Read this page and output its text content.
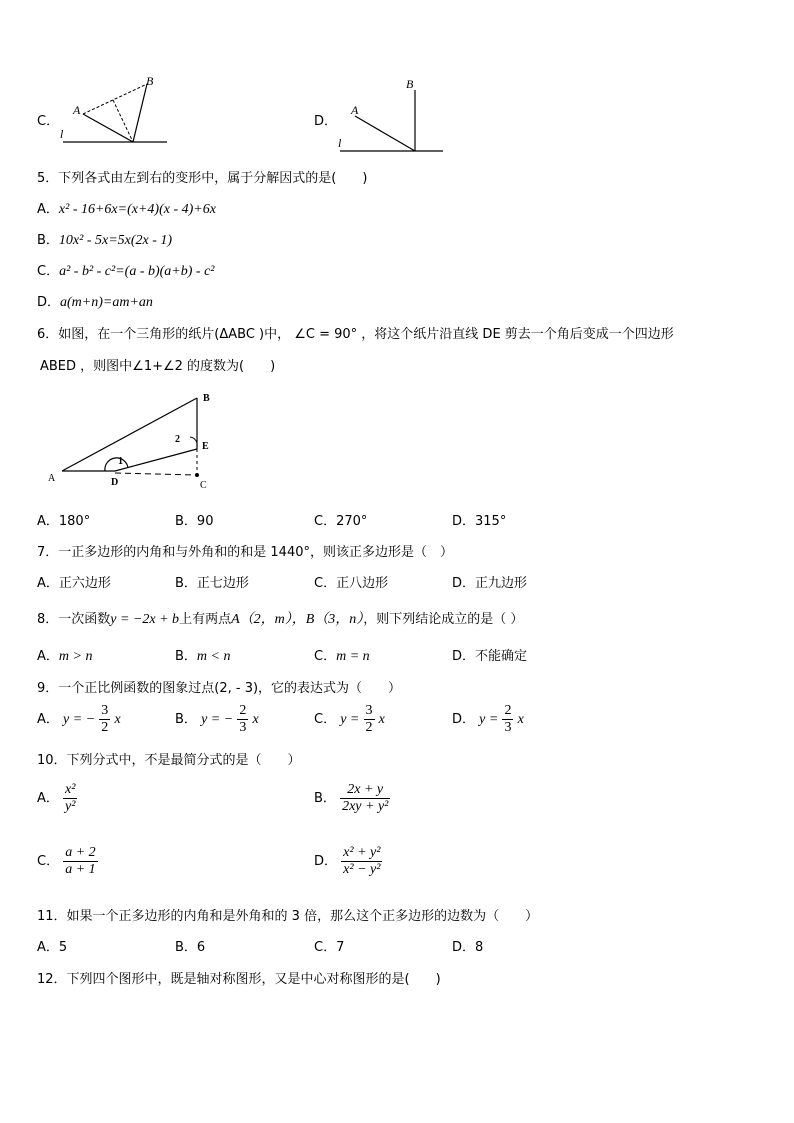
C．
A
B
l
D．
A
B
l
5．下列各式由左到右的变形中，属于分解因式的是(　　)
A．x² - 16+6x=(x+4)(x - 4)+6x
B．10x² - 5x=5x(2x - 1)
C．a² - b² - c²=(a - b)(a+b) - c²
D．a(m+n)=am+an
6．如图，在一个三角形的纸片(ΔABC )中， ∠C = 90° ，将这个纸片沿直线 DE 剪去一个角后变成一个四边形
ABED ，则图中∠1+∠2 的度数为(　　)
A
B
C
D
E
1
2
A．180°	B．90	C．270°	D．315°
7．一正多边形的内角和与外角和的和是 1440°，则该正多边形是（　）
A．正六边形	B．正七边形	C．正八边形	D．正九边形
8．一次函数y = −2x + b上有两点A（2，m），B（3，n），则下列结论成立的是（ ）
A．m > n	B．m < n	C．m = n	D．不能确定
9．一个正比例函数的图象过点(2, - 3)，它的表达式为（　　）
A． y = − $\frac{3}{2}$ x	B． y = − $\frac{2}{3}$ x	C． $y = \frac{3}{2}$ x	D． $y = \frac{2}{3}$ x
10．下列分式中，不是最简分式的是（　　）
A． $\frac{\text{x²}}{\text{y²}}$	B． $\frac{2x + y}{\text{2xy + y²}}$
C． $\frac{a + 2}{a + 1}$	D． $\frac{\text{x² + y²}}{\text{x² − y²}}$
11．如果一个正多边形的内角和是外角和的 3 倍，那么这个正多边形的边数为（　　）
A．5	B．6	C．7	D．8
12．下列四个图形中，既是轴对称图形，又是中心对称图形的是(　　)
